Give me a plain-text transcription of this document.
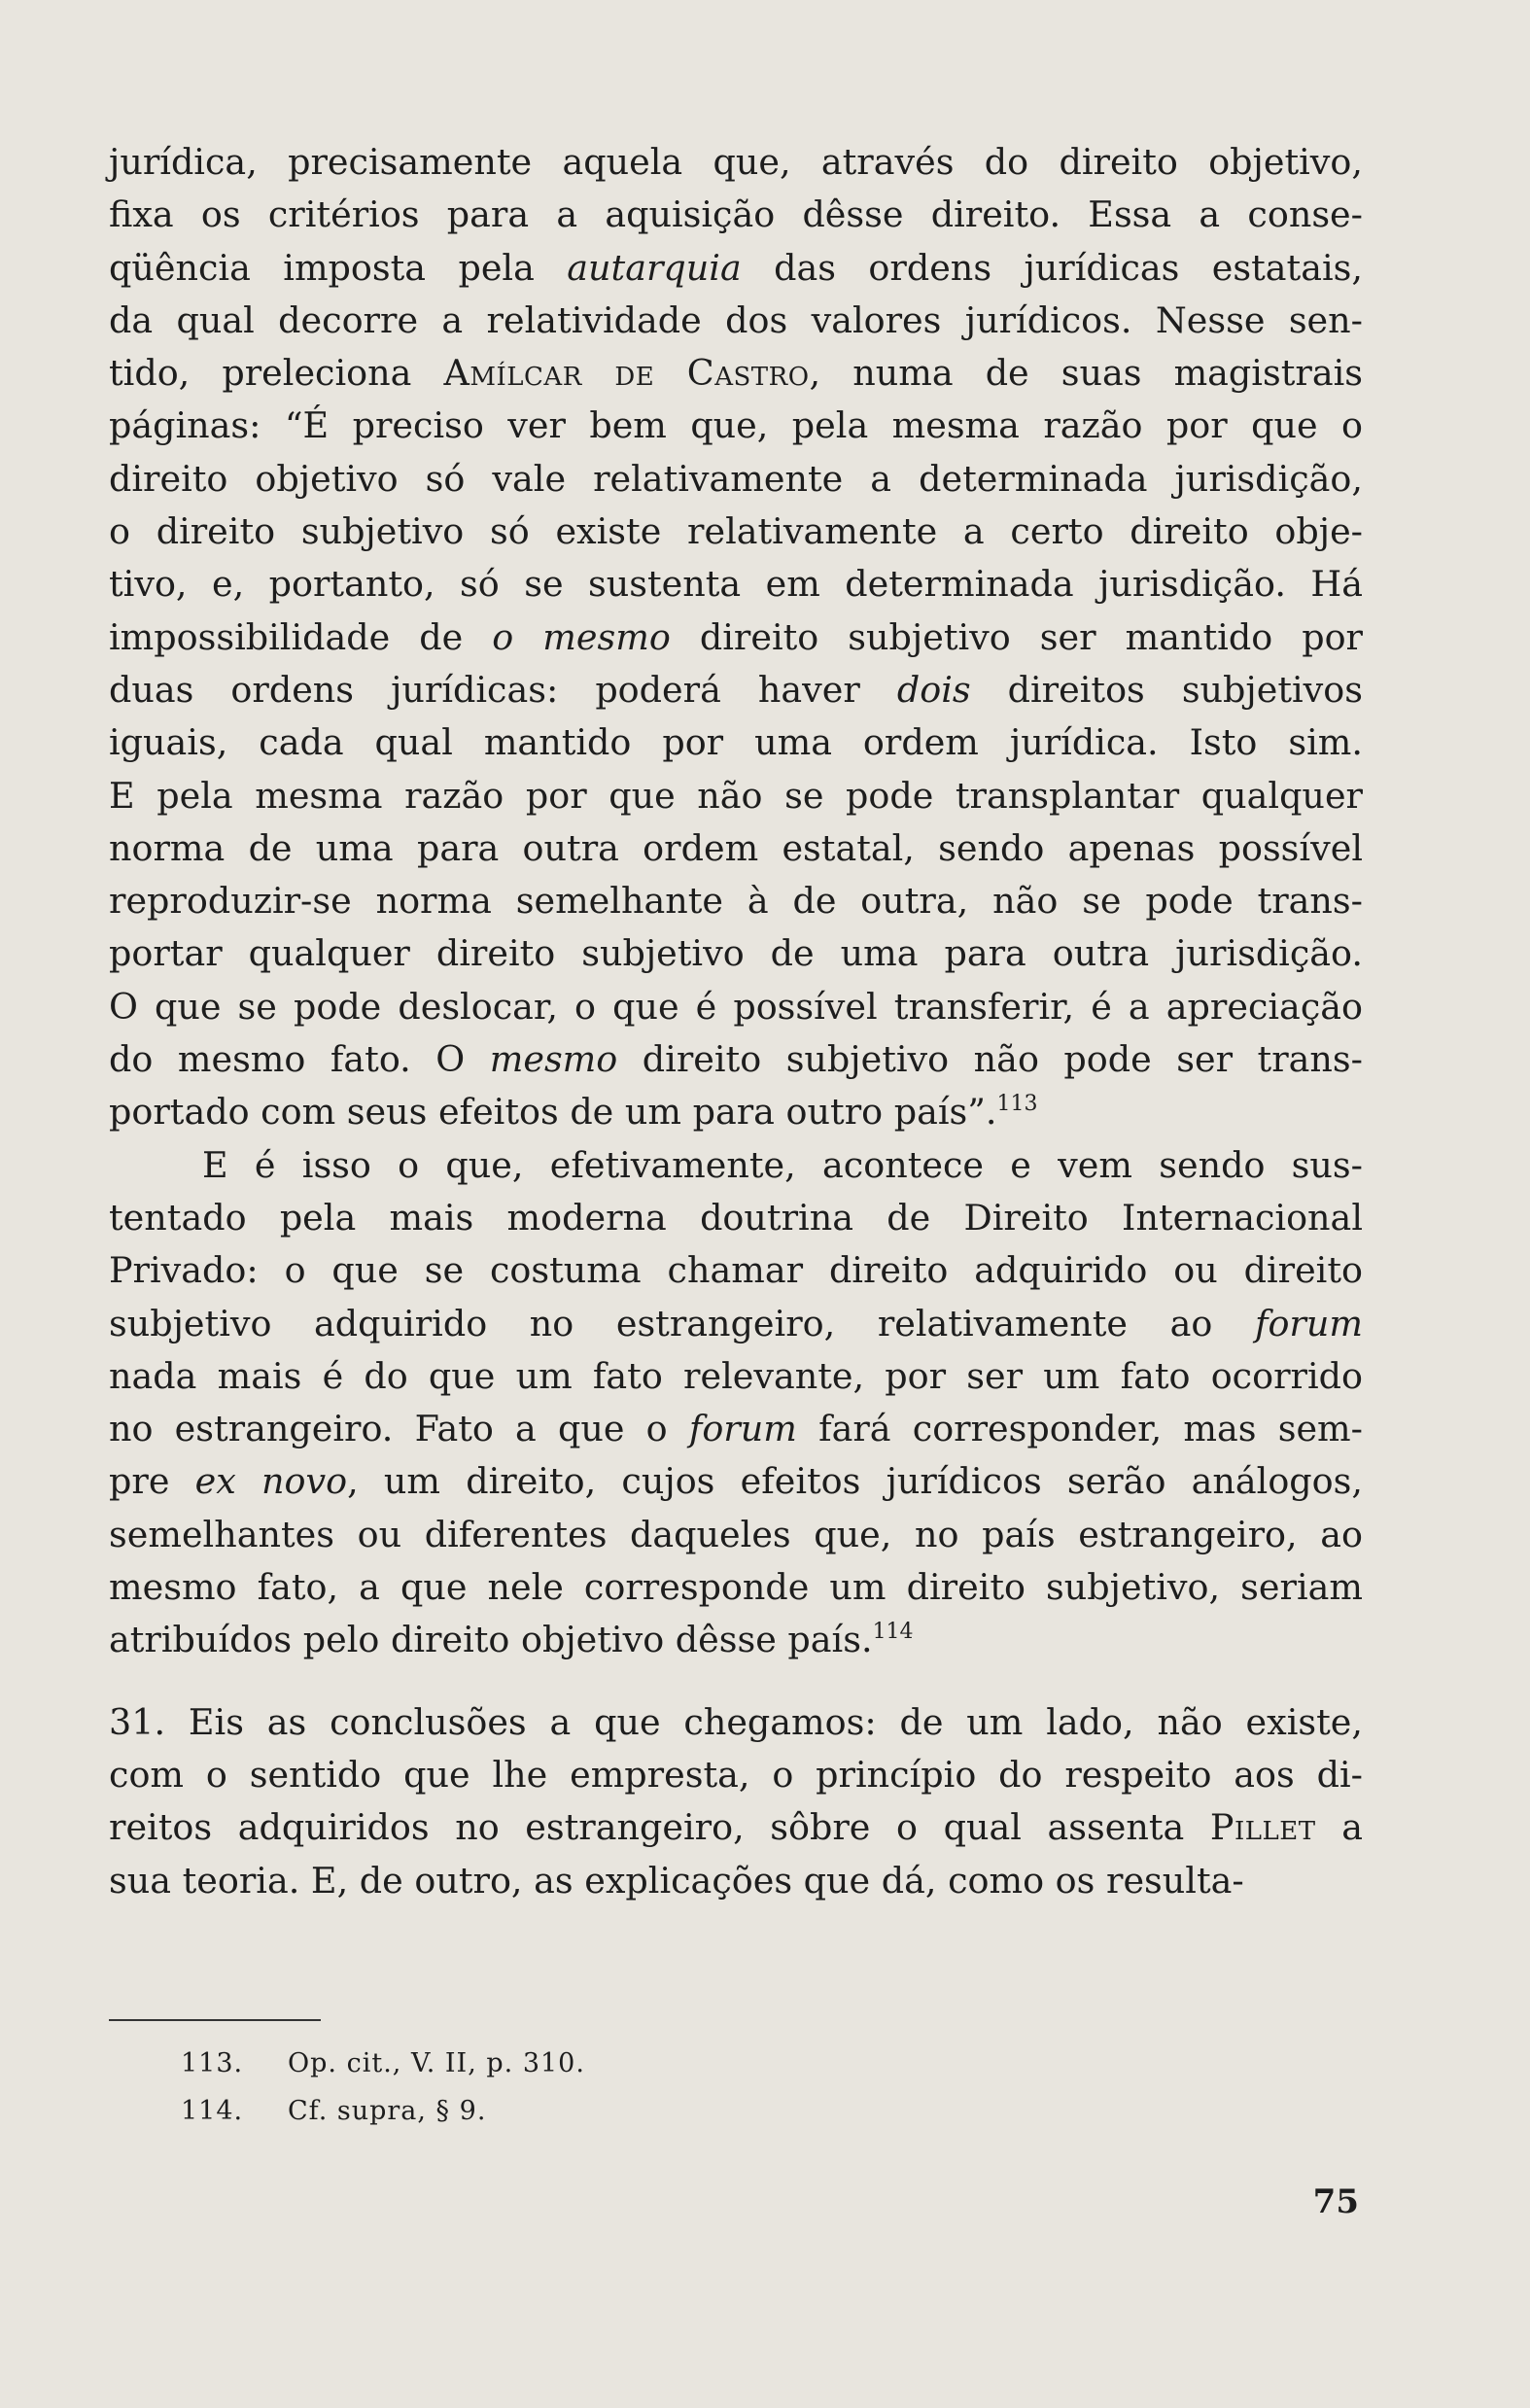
jurídica, precisamente aquela que, através do direito objetivo,
fixa os critérios para a aquisição dêsse direito. Essa a conse-
qüência imposta pela autarquia das ordens jurídicas estatais,
da qual decorre a relatividade dos valores jurídicos. Nesse sen-
tido, preleciona Amílcar de Castro, numa de suas magistrais
páginas: “É preciso ver bem que, pela mesma razão por que o
direito objetivo só vale relativamente a determinada jurisdição,
o direito subjetivo só existe relativamente a certo direito obje-
tivo, e, portanto, só se sustenta em determinada jurisdição. Há
impossibilidade de o mesmo direito subjetivo ser mantido por
duas ordens jurídicas: poderá haver dois direitos subjetivos
iguais, cada qual mantido por uma ordem jurídica. Isto sim.
E pela mesma razão por que não se pode transplantar qualquer
norma de uma para outra ordem estatal, sendo apenas possível
reproduzir-se norma semelhante à de outra, não se pode trans-
portar qualquer direito subjetivo de uma para outra jurisdição.
O que se pode deslocar, o que é possível transferir, é a apreciação
do mesmo fato. O mesmo direito subjetivo não pode ser trans-
portado com seus efeitos de um para outro país”.$^{113}$

E é isso o que, efetivamente, acontece e vem sendo sus-
tentado pela mais moderna doutrina de Direito Internacional
Privado: o que se costuma chamar direito adquirido ou direito
subjetivo adquirido no estrangeiro, relativamente ao forum
nada mais é do que um fato relevante, por ser um fato ocorrido
no estrangeiro. Fato a que o forum fará corresponder, mas sem-
pre ex novo, um direito, cujos efeitos jurídicos serão análogos,
semelhantes ou diferentes daqueles que, no país estrangeiro, ao
mesmo fato, a que nele corresponde um direito subjetivo, seriam
atribuídos pelo direito objetivo dêsse país.$^{114}$

31. Eis as conclusões a que chegamos: de um lado, não existe,
com o sentido que lhe empresta, o princípio do respeito aos di-
reitos adquiridos no estrangeiro, sôbre o qual assenta Pillet a
sua teoria. E, de outro, as explicações que dá, como os resulta-

113. Op. cit., V. II, p. 310.
114. Cf. supra, § 9.
75
